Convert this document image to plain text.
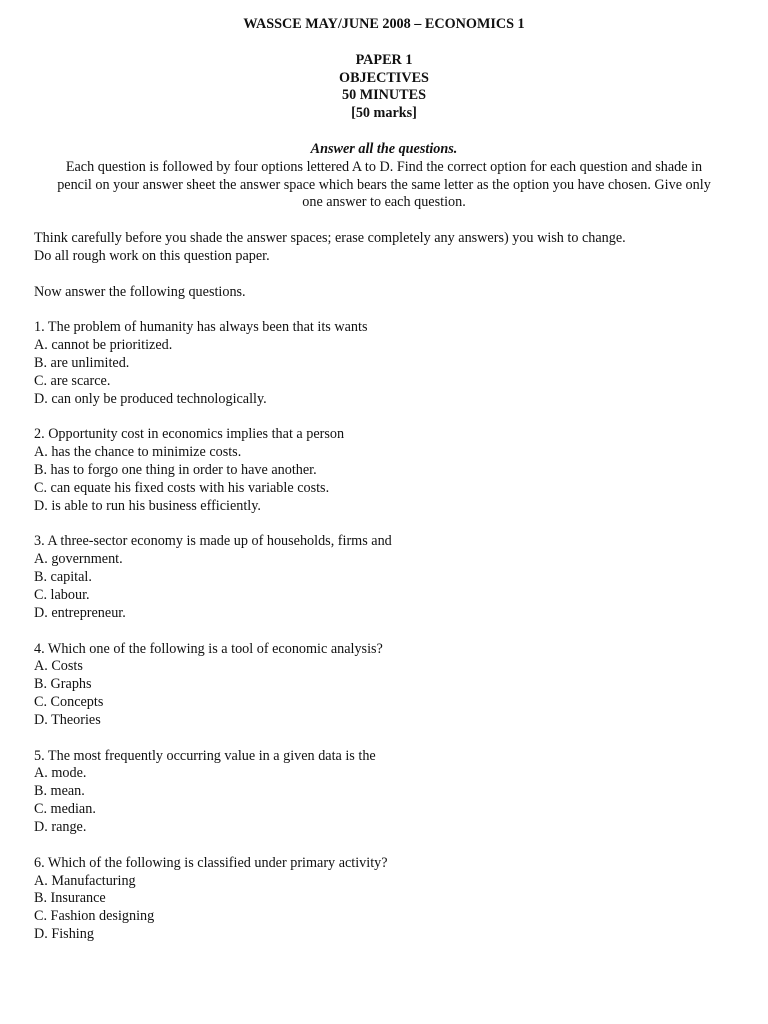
WASSCE MAY/JUNE 2008 – ECONOMICS 1
PAPER 1
OBJECTIVES
50 MINUTES
[50 marks]
Answer all the questions.
Each question is followed by four options lettered A to D. Find the correct option for each question and shade in
pencil on your answer sheet the answer space which bears the same letter as the option you have chosen. Give only
one answer to each question.
Think carefully before you shade the answer spaces; erase completely any answers) you wish to change.
Do all rough work on this question paper.
Now answer the following questions.
1. The problem of humanity has always been that its wants
A. cannot be prioritized.
B. are unlimited.
C. are scarce.
D. can only be produced technologically.
2. Opportunity cost in economics implies that a person
A. has the chance to minimize costs.
B. has to forgo one thing in order to have another.
C. can equate his fixed costs with his variable costs.
D. is able to run his business efficiently.
3. A three-sector economy is made up of households, firms and
A. government.
B. capital.
C. labour.
D. entrepreneur.
4. Which one of the following is a tool of economic analysis?
A. Costs
B. Graphs
C. Concepts
D. Theories
5. The most frequently occurring value in a given data is the
A. mode.
B. mean.
C. median.
D. range.
6. Which of the following is classified under primary activity?
A. Manufacturing
B. Insurance
C. Fashion designing
D. Fishing
